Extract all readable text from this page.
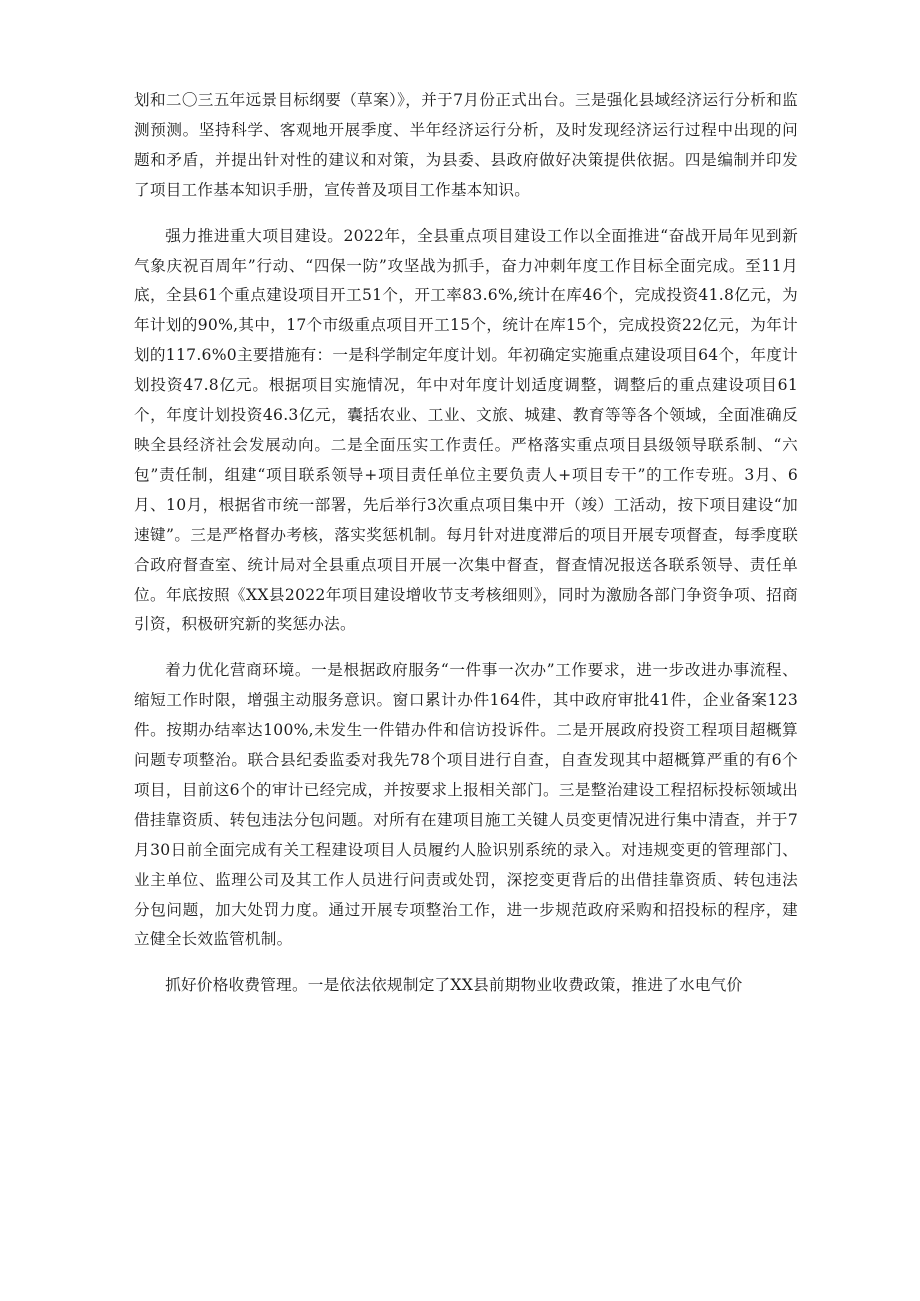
划和二〇三五年远景目标纲要（草案）》，并于7月份正式出台。三是强化县域经济运行分析和监测预测。坚持科学、客观地开展季度、半年经济运行分析，及时发现经济运行过程中出现的问题和矛盾，并提出针对性的建议和对策，为县委、县政府做好决策提供依据。四是编制并印发了项目工作基本知识手册，宣传普及项目工作基本知识。

强力推进重大项目建设。2022年，全县重点项目建设工作以全面推进“奋战开局年见到新气象庆祝百周年”行动、“四保一防”攻坚战为抓手，奋力冲刺年度工作目标全面完成。至11月底，全县61个重点建设项目开工51个，开工率83.6%,统计在库46个，完成投资41.8亿元，为年计划的90%,其中，17个市级重点项目开工15个，统计在库15个，完成投资22亿元，为年计划的117.6%0主要措施有：一是科学制定年度计划。年初确定实施重点建设项目64个，年度计划投资47.8亿元。根据项目实施情况，年中对年度计划适度调整，调整后的重点建设项目61个，年度计划投资46.3亿元，囊括农业、工业、文旅、城建、教育等等各个领域，全面准确反映全县经济社会发展动向。二是全面压实工作责任。严格落实重点项目县级领导联系制、“六包”责任制，组建“项目联系领导+项目责任单位主要负责人+项目专干”的工作专班。3月、6月、10月，根据省市统一部署，先后举行3次重点项目集中开（竣）工活动，按下项目建设“加速键”。三是严格督办考核，落实奖惩机制。每月针对进度滞后的项目开展专项督查，每季度联合政府督查室、统计局对全县重点项目开展一次集中督查，督查情况报送各联系领导、责任单位。年底按照《XX县2022年项目建设增收节支考核细则》，同时为激励各部门争资争项、招商引资，积极研究新的奖惩办法。

着力优化营商环境。一是根据政府服务“一件事一次办”工作要求，进一步改进办事流程、缩短工作时限，增强主动服务意识。窗口累计办件164件，其中政府审批41件，企业备案123件。按期办结率达100%,未发生一件错办件和信访投诉件。二是开展政府投资工程项目超概算问题专项整治。联合县纪委监委对我先78个项目进行自查，自查发现其中超概算严重的有6个项目，目前这6个的审计已经完成，并按要求上报相关部门。三是整治建设工程招标投标领域出借挂靠资质、转包违法分包问题。对所有在建项目施工关键人员变更情况进行集中清查，并于7月30日前全面完成有关工程建设项目人员履约人脸识别系统的录入。对违规变更的管理部门、业主单位、监理公司及其工作人员进行问责或处罚，深挖变更背后的出借挂靠资质、转包违法分包问题，加大处罚力度。通过开展专项整治工作，进一步规范政府采购和招投标的程序，建立健全长效监管机制。

抓好价格收费管理。一是依法依规制定了XX县前期物业收费政策，推进了水电气价
